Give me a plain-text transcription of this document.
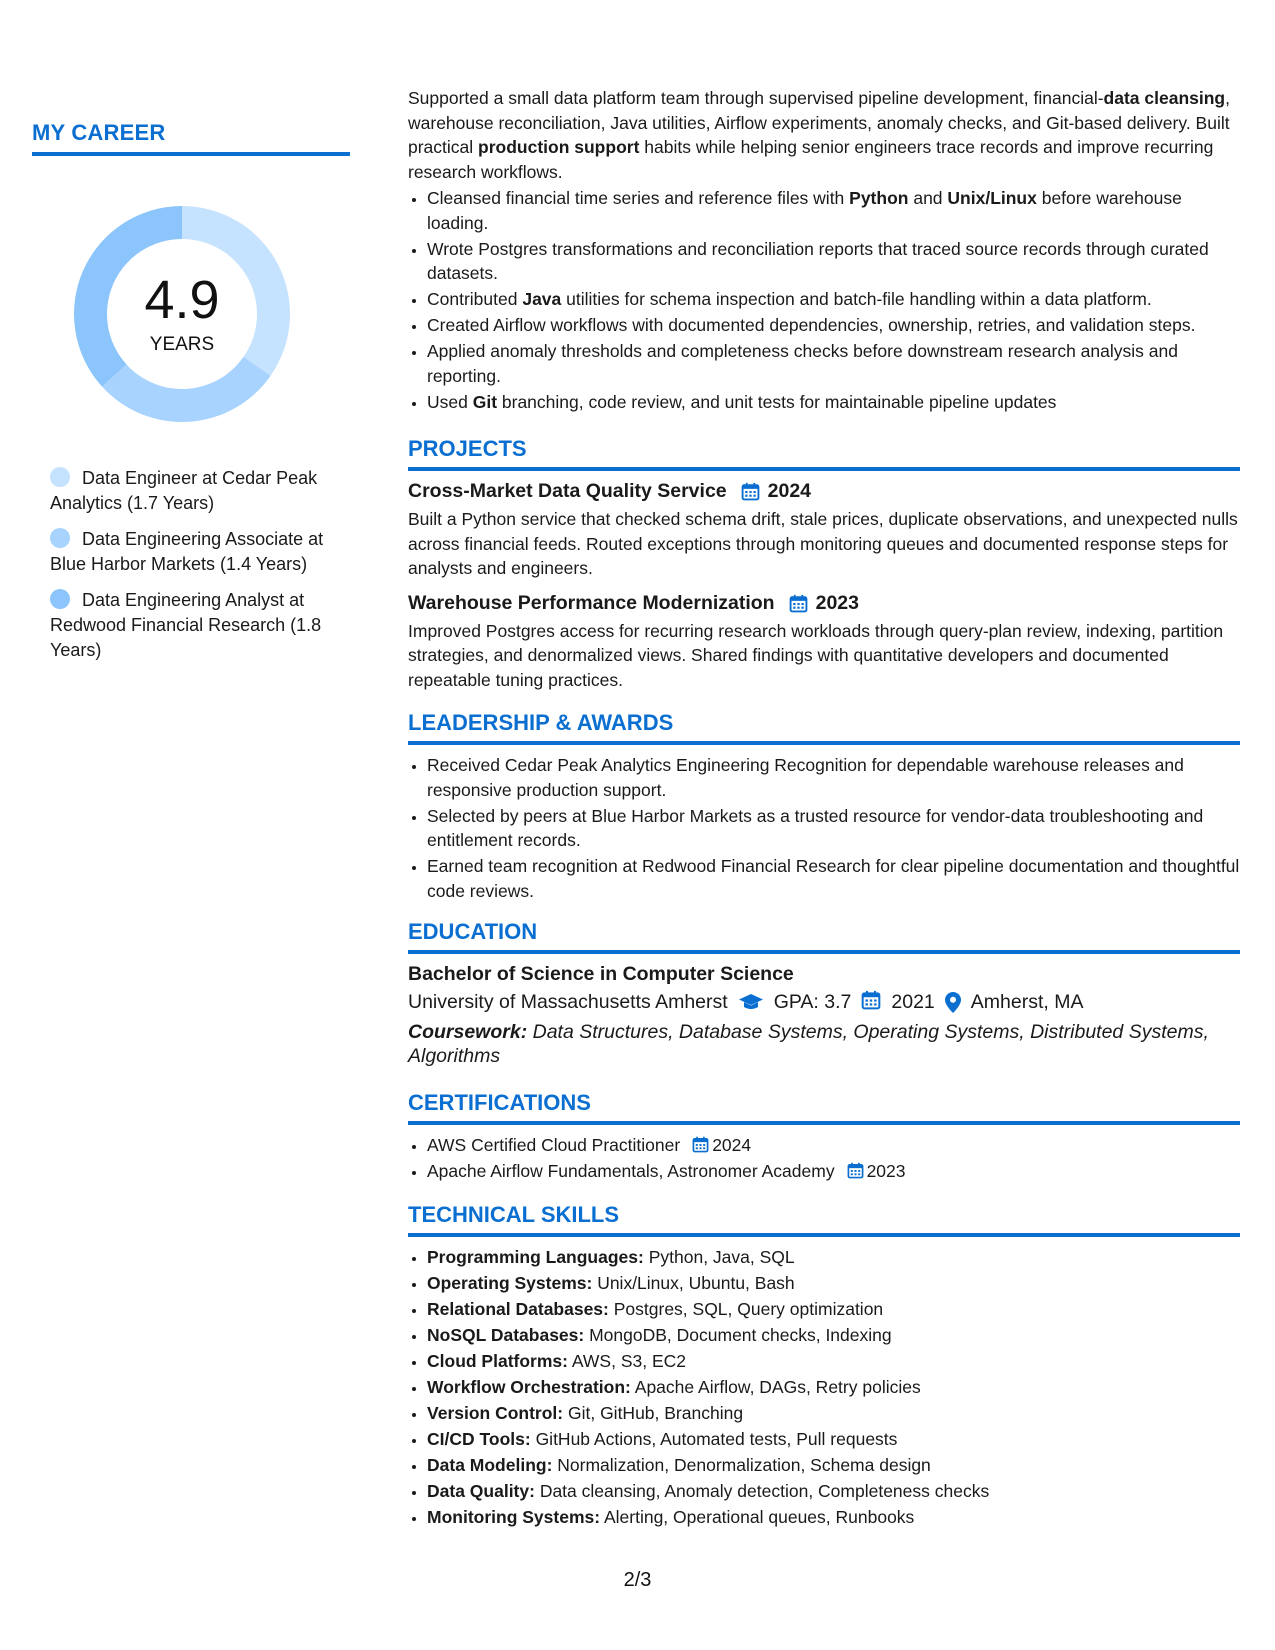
MY CAREER
4.9
YEARS
Data Engineer at Cedar Peak Analytics (1.7 Years)
Data Engineering Associate at Blue Harbor Markets (1.4 Years)
Data Engineering Analyst at Redwood Financial Research (1.8 Years)

Supported a small data platform team through supervised pipeline development, financial-data cleansing, warehouse reconciliation, Java utilities, Airflow experiments, anomaly checks, and Git-based delivery. Built practical production support habits while helping senior engineers trace records and improve recurring research workflows.

• Cleansed financial time series and reference files with Python and Unix/Linux before warehouse loading.
• Wrote Postgres transformations and reconciliation reports that traced source records through curated datasets.
• Contributed Java utilities for schema inspection and batch-file handling within a data platform.
• Created Airflow workflows with documented dependencies, ownership, retries, and validation steps.
• Applied anomaly thresholds and completeness checks before downstream research analysis and reporting.
• Used Git branching, code review, and unit tests for maintainable pipeline updates
PROJECTS

Cross-Market Data Quality Service 2024

Built a Python service that checked schema drift, stale prices, duplicate observations, and unexpected nulls across financial feeds. Routed exceptions through monitoring queues and documented response steps for analysts and engineers.

Warehouse Performance Modernization 2023

Improved Postgres access for recurring research workloads through query-plan review, indexing, partition strategies, and denormalized views. Shared findings with quantitative developers and documented repeatable tuning practices.

LEADERSHIP & AWARDS
• Received Cedar Peak Analytics Engineering Recognition for dependable warehouse releases and responsive production support.
• Selected by peers at Blue Harbor Markets as a trusted resource for vendor-data troubleshooting and entitlement records.
• Earned team recognition at Redwood Financial Research for clear pipeline documentation and thoughtful code reviews.
EDUCATION

Bachelor of Science in Computer Science

University of Massachusetts Amherst GPA: 3.7 2021 Amherst, MA

Coursework: Data Structures, Database Systems, Operating Systems, Distributed Systems, Algorithms

CERTIFICATIONS
• AWS Certified Cloud Practitioner 2024
• Apache Airflow Fundamentals, Astronomer Academy 2023
TECHNICAL SKILLS
• Programming Languages: Python, Java, SQL
• Operating Systems: Unix/Linux, Ubuntu, Bash
• Relational Databases: Postgres, SQL, Query optimization
• NoSQL Databases: MongoDB, Document checks, Indexing
• Cloud Platforms: AWS, S3, EC2
• Workflow Orchestration: Apache Airflow, DAGs, Retry policies
• Version Control: Git, GitHub, Branching
• CI/CD Tools: GitHub Actions, Automated tests, Pull requests
• Data Modeling: Normalization, Denormalization, Schema design
• Data Quality: Data cleansing, Anomaly detection, Completeness checks
• Monitoring Systems: Alerting, Operational queues, Runbooks
2/3
